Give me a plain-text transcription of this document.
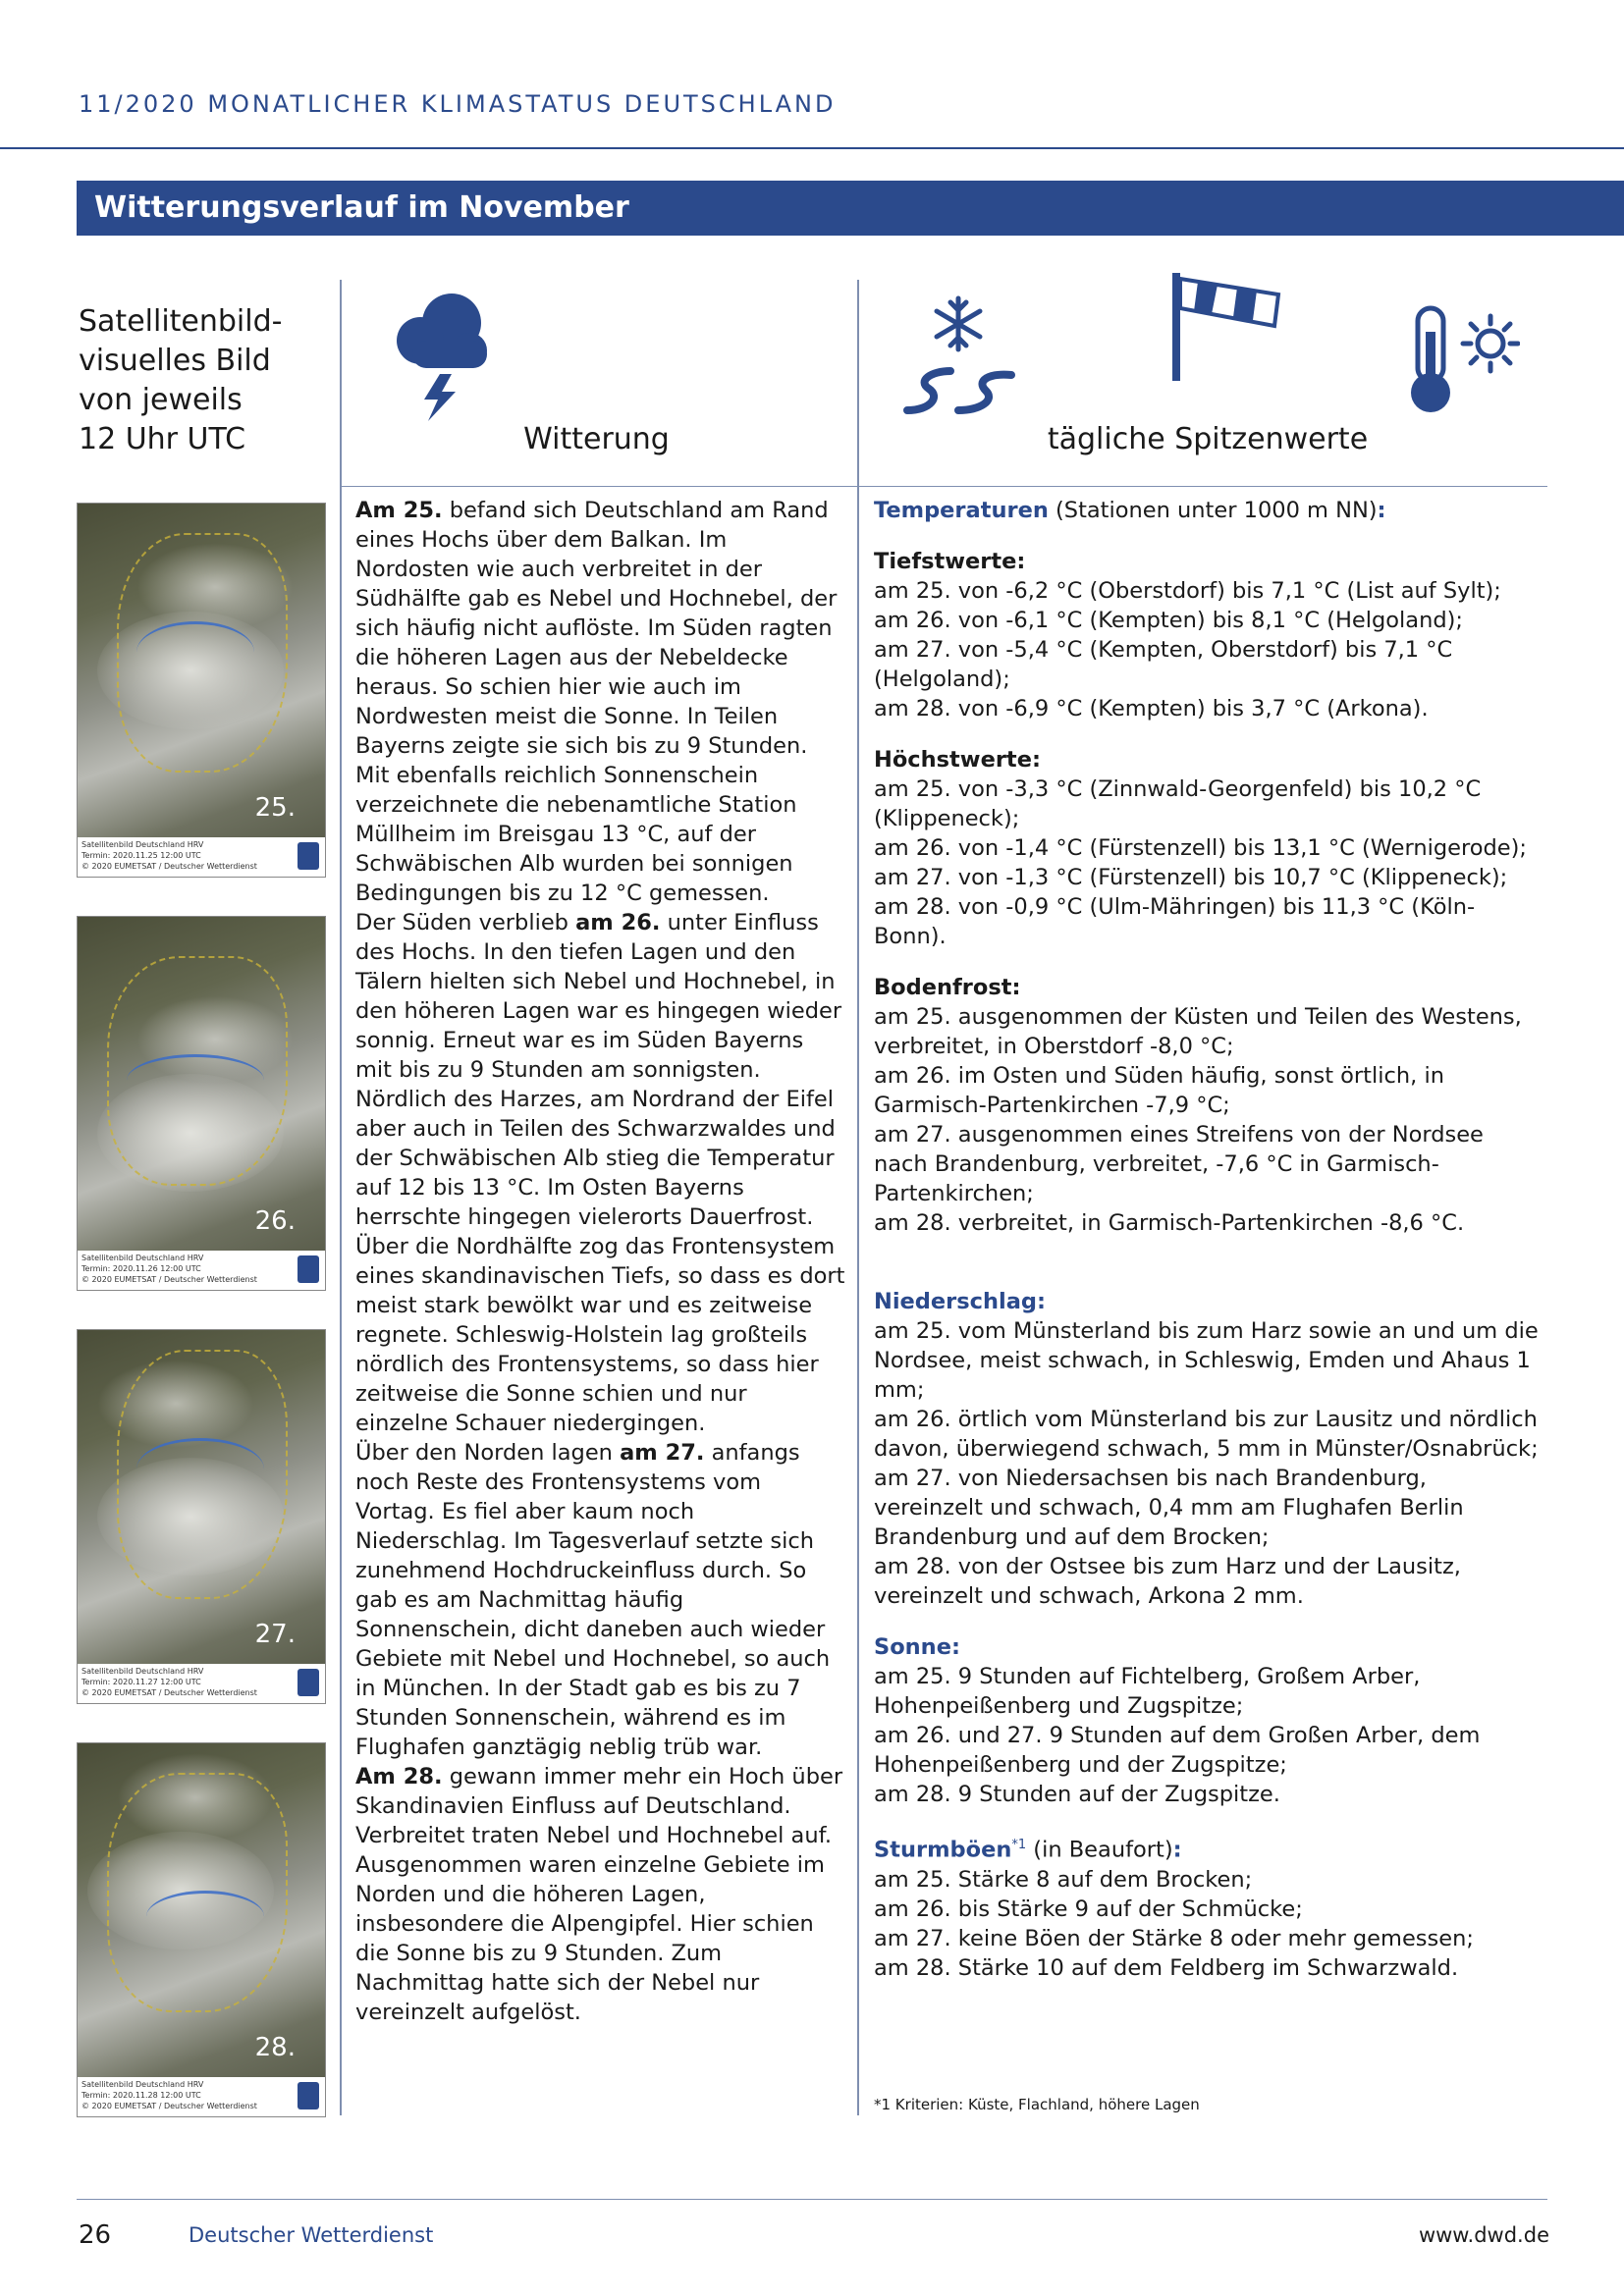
11/2020 MONATLICHER KLIMASTATUS DEUTSCHLAND
Witterungsverlauf im November
Satellitenbild-
visuelles Bild
von jeweils
12 Uhr UTC	Witterung	tägliche Spitzenwerte
25.
Satellitenbild Deutschland HRV
Termin: 2020.11.25 12:00 UTC
© 2020 EUMETSAT / Deutscher Wetterdienst
26.
Satellitenbild Deutschland HRV
Termin: 2020.11.26 12:00 UTC
© 2020 EUMETSAT / Deutscher Wetterdienst
27.
Satellitenbild Deutschland HRV
Termin: 2020.11.27 12:00 UTC
© 2020 EUMETSAT / Deutscher Wetterdienst
28.
Satellitenbild Deutschland HRV
Termin: 2020.11.28 12:00 UTC
© 2020 EUMETSAT / Deutscher Wetterdienst

Am 25. befand sich Deutschland am Rand eines Hochs über dem Balkan. Im Nordosten wie auch verbreitet in der Südhälfte gab es Nebel und Hochnebel, der sich häufig nicht auflöste. Im Süden ragten die höheren Lagen aus der Nebeldecke heraus. So schien hier wie auch im Nordwesten meist die Sonne. In Teilen Bayerns zeigte sie sich bis zu 9 Stunden. Mit ebenfalls reichlich Sonnenschein verzeichnete die nebenamtliche Station Müllheim im Breisgau 13 °C, auf der Schwäbischen Alb wurden bei sonnigen Bedingungen bis zu 12 °C gemessen.

Der Süden verblieb am 26. unter Einfluss des Hochs. In den tiefen Lagen und den Tälern hielten sich Nebel und Hochnebel, in den höheren Lagen war es hingegen wieder sonnig. Erneut war es im Süden Bayerns mit bis zu 9 Stunden am sonnigsten. Nördlich des Harzes, am Nordrand der Eifel aber auch in Teilen des Schwarzwaldes und der Schwäbischen Alb stieg die Temperatur auf 12 bis 13 °C. Im Osten Bayerns herrschte hingegen vielerorts Dauerfrost. Über die Nordhälfte zog das Frontensystem eines skandinavischen Tiefs, so dass es dort meist stark bewölkt war und es zeitweise regnete. Schleswig-Holstein lag großteils nördlich des Frontensystems, so dass hier zeitweise die Sonne schien und nur einzelne Schauer niedergingen.

Über den Norden lagen am 27. anfangs noch Reste des Frontensystems vom Vortag. Es fiel aber kaum noch Niederschlag. Im Tagesverlauf setzte sich zunehmend Hochdruckeinfluss durch. So gab es am Nachmittag häufig Sonnenschein, dicht daneben auch wieder Gebiete mit Nebel und Hochnebel, so auch in München. In der Stadt gab es bis zu 7 Stunden Sonnenschein, während es im Flughafen ganztägig neblig trüb war.

Am 28. gewann immer mehr ein Hoch über Skandinavien Einfluss auf Deutschland. Verbreitet traten Nebel und Hochnebel auf. Ausgenommen waren einzelne Gebiete im Norden und die höheren Lagen, insbesondere die Alpengipfel. Hier schien die Sonne bis zu 9 Stunden. Zum Nachmittag hatte sich der Nebel nur vereinzelt aufgelöst.

Temperaturen (Stationen unter 1000 m NN):

Tiefstwerte:

am 25. von -6,2 °C (Oberstdorf) bis 7,1 °C (List auf Sylt);

am 26. von -6,1 °C (Kempten) bis 8,1 °C (Helgoland);

am 27. von -5,4 °C (Kempten, Oberstdorf) bis 7,1 °C (Helgoland);

am 28. von -6,9 °C (Kempten) bis 3,7 °C (Arkona).

Höchstwerte:

am 25. von -3,3 °C (Zinnwald-Georgenfeld) bis 10,2 °C (Klippeneck);

am 26. von -1,4 °C (Fürstenzell) bis 13,1 °C (Wernigerode);

am 27. von -1,3 °C (Fürstenzell) bis 10,7 °C (Klippeneck);

am 28. von -0,9 °C (Ulm-Mähringen) bis 11,3 °C (Köln-Bonn).

Bodenfrost:

am 25. ausgenommen der Küsten und Teilen des Westens, verbreitet, in Oberstdorf -8,0 °C;

am 26. im Osten und Süden häufig, sonst örtlich, in Garmisch-Partenkirchen -7,9 °C;

am 27. ausgenommen eines Streifens von der Nordsee nach Brandenburg, verbreitet, -7,6 °C in Garmisch-Partenkirchen;

am 28. verbreitet, in Garmisch-Partenkirchen -8,6 °C.

Niederschlag:

am 25. vom Münsterland bis zum Harz sowie an und um die Nordsee, meist schwach, in Schleswig, Emden und Ahaus 1 mm;

am 26. örtlich vom Münsterland bis zur Lausitz und nördlich davon, überwiegend schwach, 5 mm in Münster/Osnabrück;

am 27. von Niedersachsen bis nach Brandenburg, vereinzelt und schwach, 0,4 mm am Flughafen Berlin Brandenburg und auf dem Brocken;

am 28. von der Ostsee bis zum Harz und der Lausitz, vereinzelt und schwach, Arkona 2 mm.

Sonne:

am 25. 9 Stunden auf Fichtelberg, Großem Arber, Hohenpeißenberg und Zugspitze;

am 26. und 27. 9 Stunden auf dem Großen Arber, dem Hohenpeißenberg und der Zugspitze;

am 28. 9 Stunden auf der Zugspitze.

Sturmböen$^{*1}$ (in Beaufort):

am 25. Stärke 8 auf dem Brocken;

am 26. bis Stärke 9 auf der Schmücke;

am 27. keine Böen der Stärke 8 oder mehr gemessen;

am 28. Stärke 10 auf dem Feldberg im Schwarzwald.

*1 Kriterien: Küste, Flachland, höhere Lagen
26	Deutscher Wetterdienst	www.dwd.de
